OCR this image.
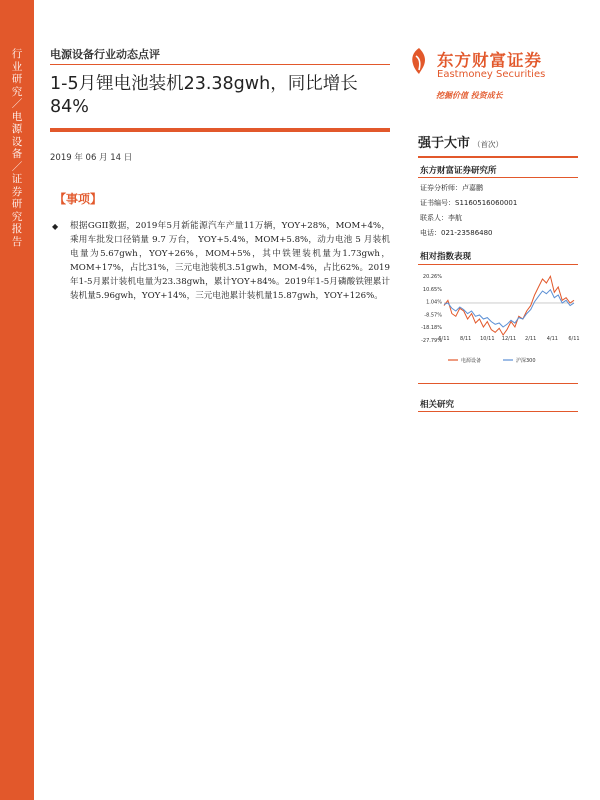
行业研究／电源设备／证券研究报告
电源设备行业动态点评
1-5月锂电池装机23.38gwh，同比增长84%
2019 年 06 月 14 日
【事项】
◆ 根据GGII数据，2019年5月新能源汽车产量11万辆，YOY+28%，MOM+4%，乘用车批发口径销量 9.7 万台， YOY+5.4%，MOM+5.8%，动力电池 5 月装机电量为5.67gwh，YOY+26%，MOM+5%，其中铁锂装机量为1.73gwh，MOM+17%，占比31%，三元电池装机3.51gwh，MOM-4%，占比62%。2019年1-5月累计装机电量为23.38gwh，累计YOY+84%。2019年1-5月磷酸铁锂累计装机量5.96gwh，YOY+14%，三元电池累计装机量15.87gwh，YOY+126%。
东方财富证券
Eastmoney Securities
挖掘价值 投资成长
强于大市 （首次）
东方财富证券研究所
证券分析师：卢嘉鹏
证书编号：S1160516060001
联系人：李航
电话：021-23586480
相对指数表现
20.26%
10.65%
1.04%
-8.57%
-18.18%
-27.79%
6/11 8/11 10/11 12/11 2/11 4/11 6/11
电源设备	沪深300
相关研究
